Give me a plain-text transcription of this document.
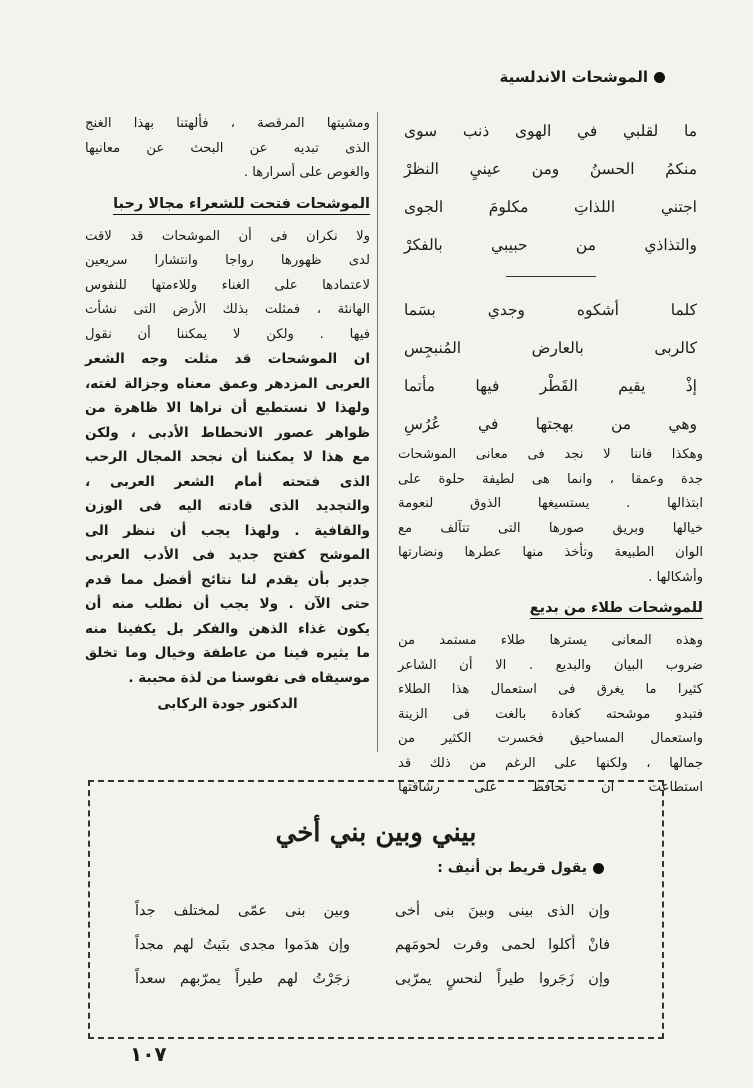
الموشحات الاندلسية
ما لقلبي في الهوى ذنب سوى
منكمُ الحسنُ ومن عينيِ النظرْ
اجتني اللذاتِ مكلومَ الجوى
والتذاذي من حبيبي بالفكرْ
كلما أشكوه وجدي بسَما
كالربى بالعارض المُنبجِس
إذْ يقيم القَطْر فيها مأتما
وهي من بهجتها في عُرُسِ

وهكذا فاننا لا نجد فى معانى الموشحات
جدة وعمقا ، وانما هى لطيفة حلوة على
ابتذالها . يستسيغها الذوق لنعومة
خيالها وبريق صورها التى تتآلف مع
الوان الطبيعة وتأخذ منها عطرها ونضارتها
وأشكالها .

للموشحات طلاء من بديع

وهذه المعانى يسترها طلاء مستمد من
ضروب البيان والبديع . الا أن الشاعر
كثيرا ما يغرق فى استعمال هذا الطلاء
فتبدو موشحته كغادة بالغت فى الزينة
واستعمال المساحيق فخسرت الكثير من
جمالها ، ولكنها على الرغم من ذلك قد
استطاعت ان تحافظ على رشاقتها

ومشيتها المرقصة ، فألهتنا بهذا الغنج
الذى تبديه عن البحث عن معانيها
والغوص على أسرارها .

الموشحات فتحت للشعراء مجالا رحبا

ولا نكران فى أن الموشحات قد لاقت
لدى ظهورها رواجا وانتشارا سريعين
لاعتمادها على الغناء وللاءمتها للنفوس
الهانئة ، فمثلت بذلك الأرض التى نشأت
فيها . ولكن لا يمكننا أن نقول

ان الموشحات قد مثلت وجه الشعر
العربى المزدهر وعمق معناه وجزالة لغته،
ولهذا لا نستطيع أن نراها الا ظاهرة من
ظواهر عصور الانحطاط الأدبى ، ولكن
مع هذا لا يمكننا أن نجحد المجال الرحب
الذى فتحته أمام الشعر العربى ،
والتجديد الذى قادته اليه فى الوزن
والقافية . ولهذا يجب أن ننظر الى
الموشح كفتح جديد فى الأدب العربى
جدير بأن يقدم لنا نتائج أفضل مما قدم
حتى الآن . ولا يجب أن نطلب منه أن
يكون غذاء الذهن والفكر بل يكفينا منه
ما يثيره فينا من عاطفة وخيال وما تخلق
موسيقاه فى نفوسنا من لذة محببة .

الدكتور جودة الركابى
بيني وبين بني أخي
يقول قريط بن أنيف :
وإن الذى بينى وبينَ بنى أخى
وبين بنى عمّى لمختلف جداً
فانْ أكلوا لحمى وفرت لحومَهم
وإن هدَموا مجدى بنَيتُ لهم مجداً
وإن زَجَروا طيراً لنحسٍ يمرّبى
زجَرْتُ لهم طيراً يمرّبهم سعداً
١٠٧
